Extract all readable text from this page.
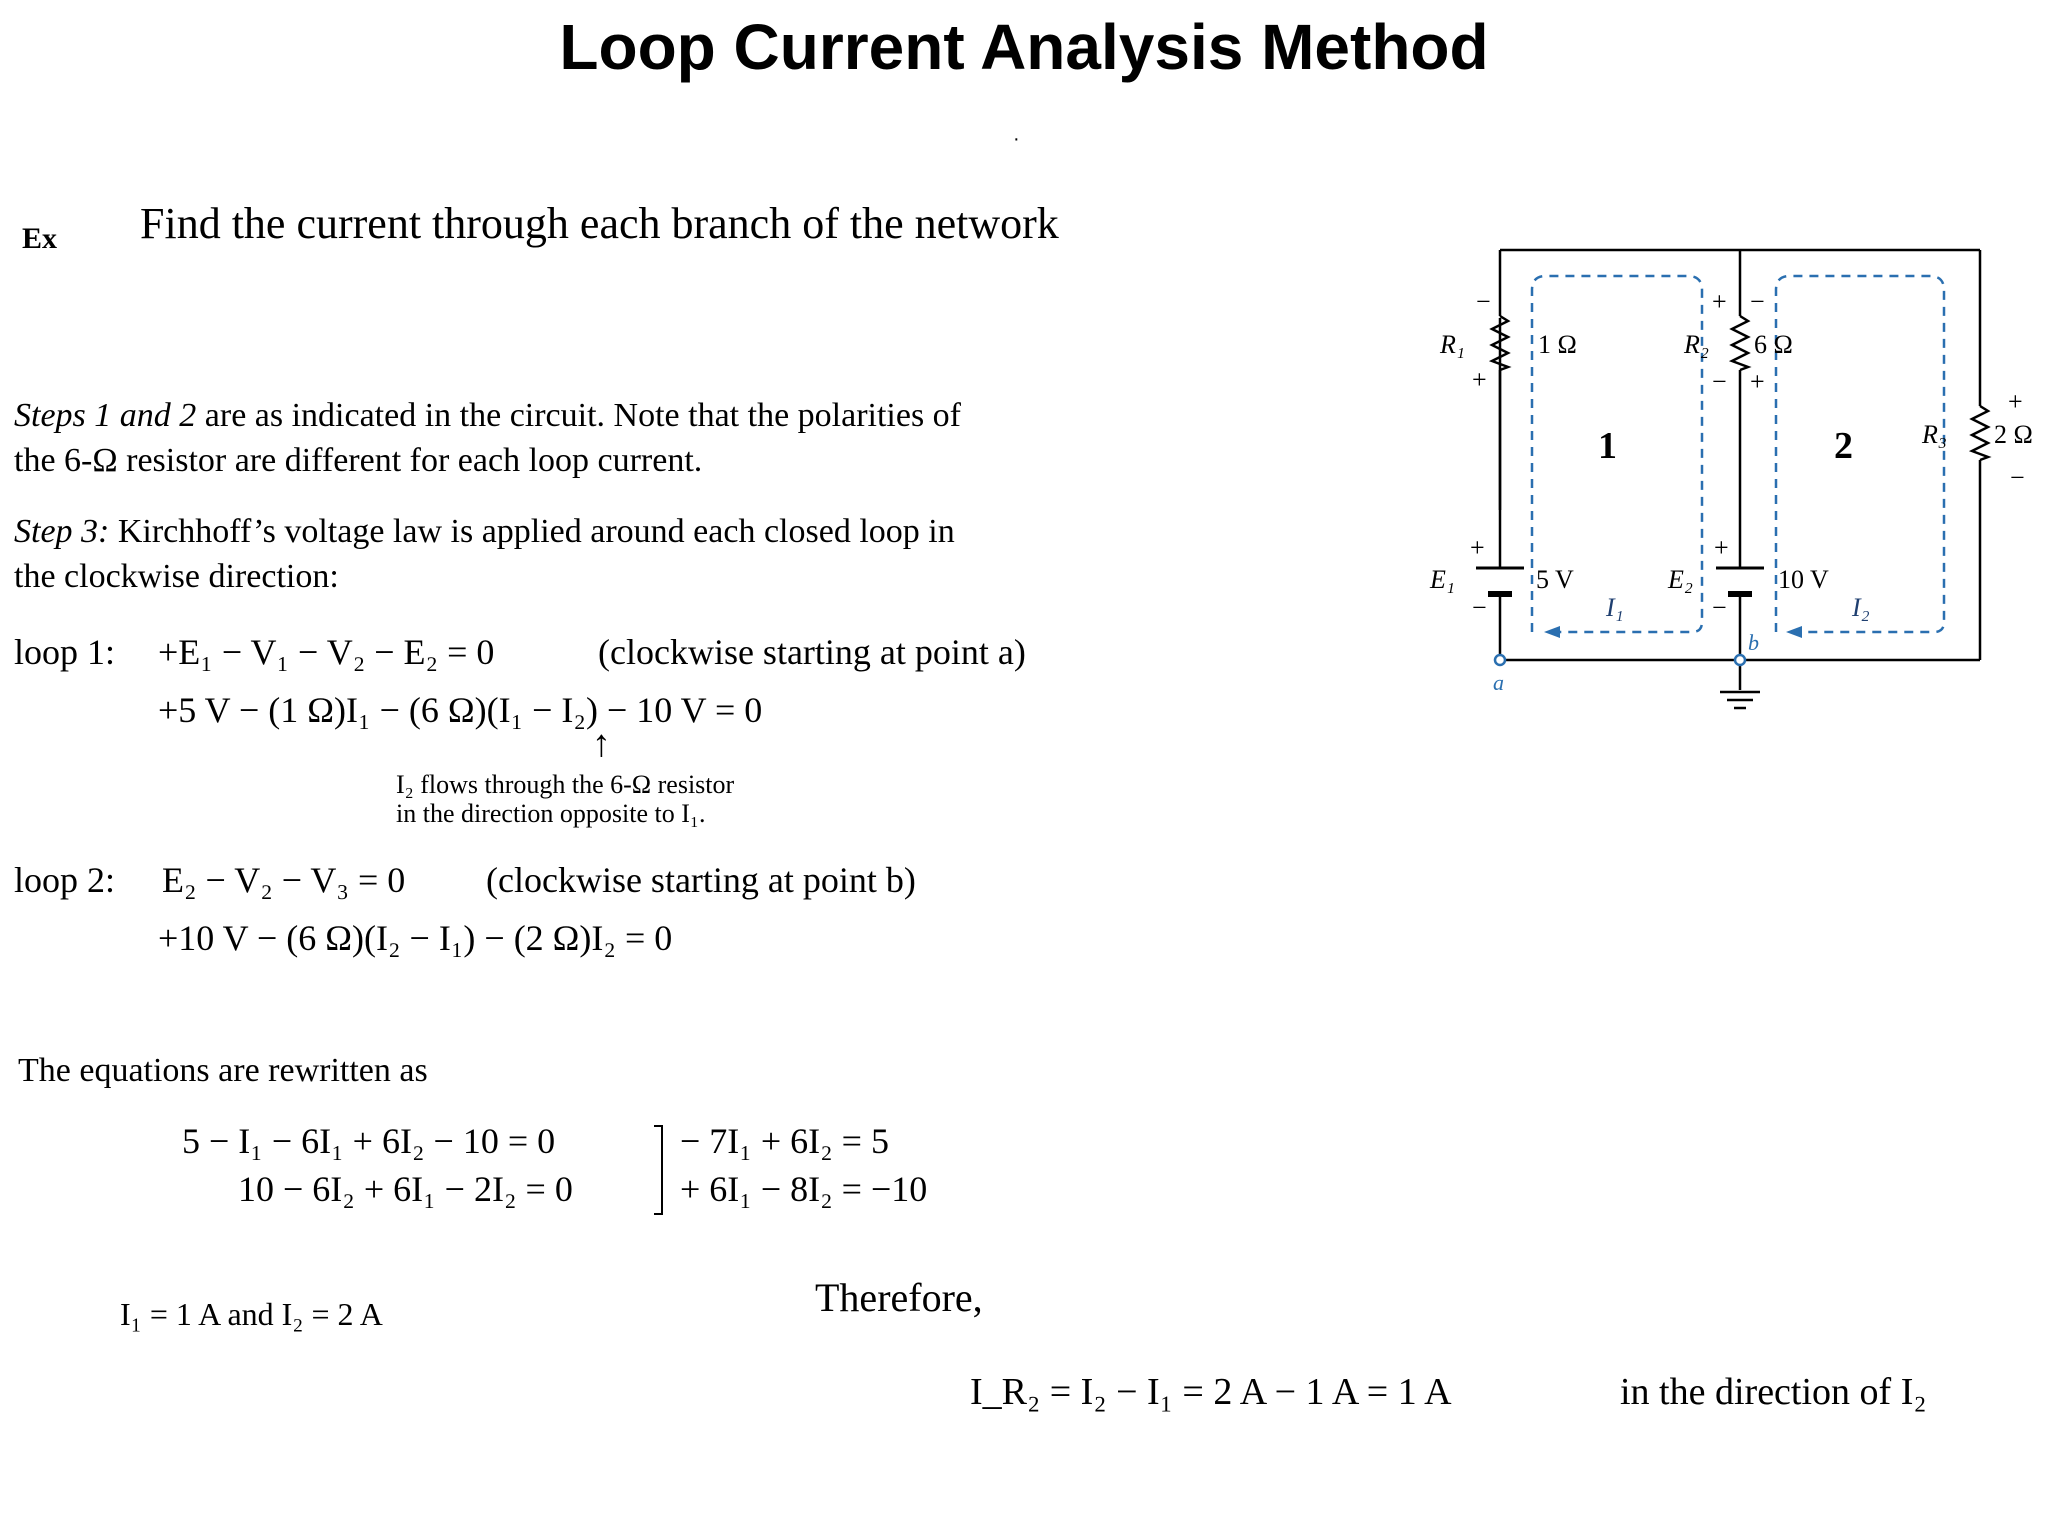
Loop Current Analysis Method
·
Ex Find the current through each branch of the network
Steps 1 and 2 are as indicated in the circuit. Note that the polarities of
the 6-Ω resistor are different for each loop current.
Step 3: Kirchhoff’s voltage law is applied around each closed loop in
the clockwise direction:
loop 1: +E₁ − V₁ − V₂ − E₂ = 0	(clockwise starting at point a)
+5 V − (1 Ω)I₁ − (6 Ω)(I₁ − I₂) − 10 V = 0
↑
I₂ flows through the 6-Ω resistor
in the direction opposite to I₁.
loop 2: E₂ − V₂ − V₃ = 0 (clockwise starting at point b)
+10 V − (6 Ω)(I₂ − I₁) − (2 Ω)I₂ = 0
The equations are rewritten as
5 − I₁ − 6I₁ + 6I₂ − 10 = 0
10 − 6I₂ + 6I₁ − 2I₂ = 0
− 7I₁ + 6I₂ = 5
+ 6I₁ − 8I₂ = −10
I₁ = 1 A and I₂ = 2 A	Therefore,
I_R₂ = I₂ − I₁ = 2 A − 1 A = 1 A	in the direction of I₂
R₁	1 Ω
−
+
R₂ 6 Ω
+ −
− +
R₃ 2 Ω
+
−
E₁	5 V
+
−
E₂	10 V
+
−
1	2
I₁	I₂
a
b
